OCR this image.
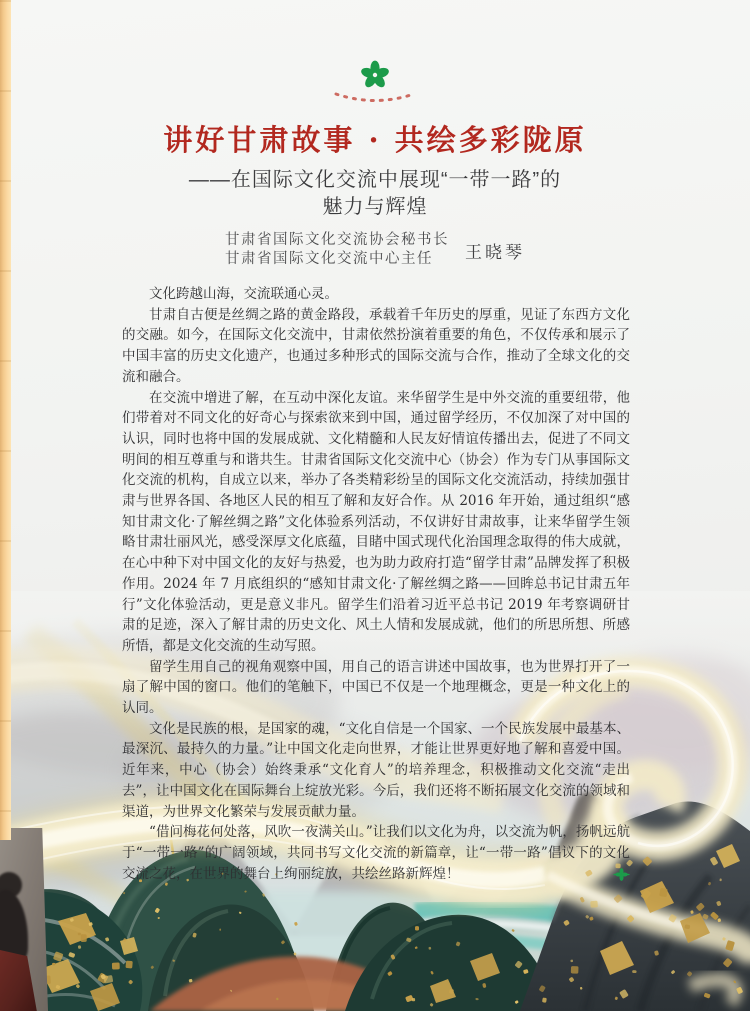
讲好甘肃故事 · 共绘多彩陇原
——在国际文化交流中展现“一带一路”的
魅力与辉煌
甘肃省国际文化交流协会秘书长
甘肃省国际文化交流中心主任	王晓琴

文化跨越山海，交流联通心灵。

甘肃自古便是丝绸之路的黄金路段，承载着千年历史的厚重，见证了东西方文化的交融。如今，在国际文化交流中，甘肃依然扮演着重要的角色，不仅传承和展示了中国丰富的历史文化遗产，也通过多种形式的国际交流与合作，推动了全球文化的交流和融合。

在交流中增进了解，在互动中深化友谊。来华留学生是中外交流的重要纽带，他们带着对不同文化的好奇心与探索欲来到中国，通过留学经历，不仅加深了对中国的认识，同时也将中国的发展成就、文化精髓和人民友好情谊传播出去，促进了不同文明间的相互尊重与和谐共生。甘肃省国际文化交流中心（协会）作为专门从事国际文化交流的机构，自成立以来，举办了各类精彩纷呈的国际文化交流活动，持续加强甘肃与世界各国、各地区人民的相互了解和友好合作。从 2016 年开始，通过组织“感知甘肃文化·了解丝绸之路”文化体验系列活动，不仅讲好甘肃故事，让来华留学生领略甘肃壮丽风光，感受深厚文化底蕴，目睹中国式现代化治国理念取得的伟大成就，在心中种下对中国文化的友好与热爱，也为助力政府打造“留学甘肃”品牌发挥了积极作用。2024 年 7 月底组织的“感知甘肃文化·了解丝绸之路——回眸总书记甘肃五年行”文化体验活动，更是意义非凡。留学生们沿着习近平总书记 2019 年考察调研甘肃的足迹，深入了解甘肃的历史文化、风土人情和发展成就，他们的所思所想、所感所悟，都是文化交流的生动写照。

留学生用自己的视角观察中国，用自己的语言讲述中国故事，也为世界打开了一扇了解中国的窗口。他们的笔触下，中国已不仅是一个地理概念，更是一种文化上的认同。

文化是民族的根，是国家的魂，“文化自信是一个国家、一个民族发展中最基本、最深沉、最持久的力量。”让中国文化走向世界，才能让世界更好地了解和喜爱中国。近年来，中心（协会）始终秉承“文化育人”的培养理念，积极推动文化交流“走出去”，让中国文化在国际舞台上绽放光彩。今后，我们还将不断拓展文化交流的领域和渠道，为世界文化繁荣与发展贡献力量。

“借问梅花何处落，风吹一夜满关山。”让我们以文化为舟，以交流为帆，扬帆远航于“一带一路”的广阔领域，共同书写文化交流的新篇章，让“一带一路”倡议下的文化交流之花，在世界的舞台上绚丽绽放，共绘丝路新辉煌！
